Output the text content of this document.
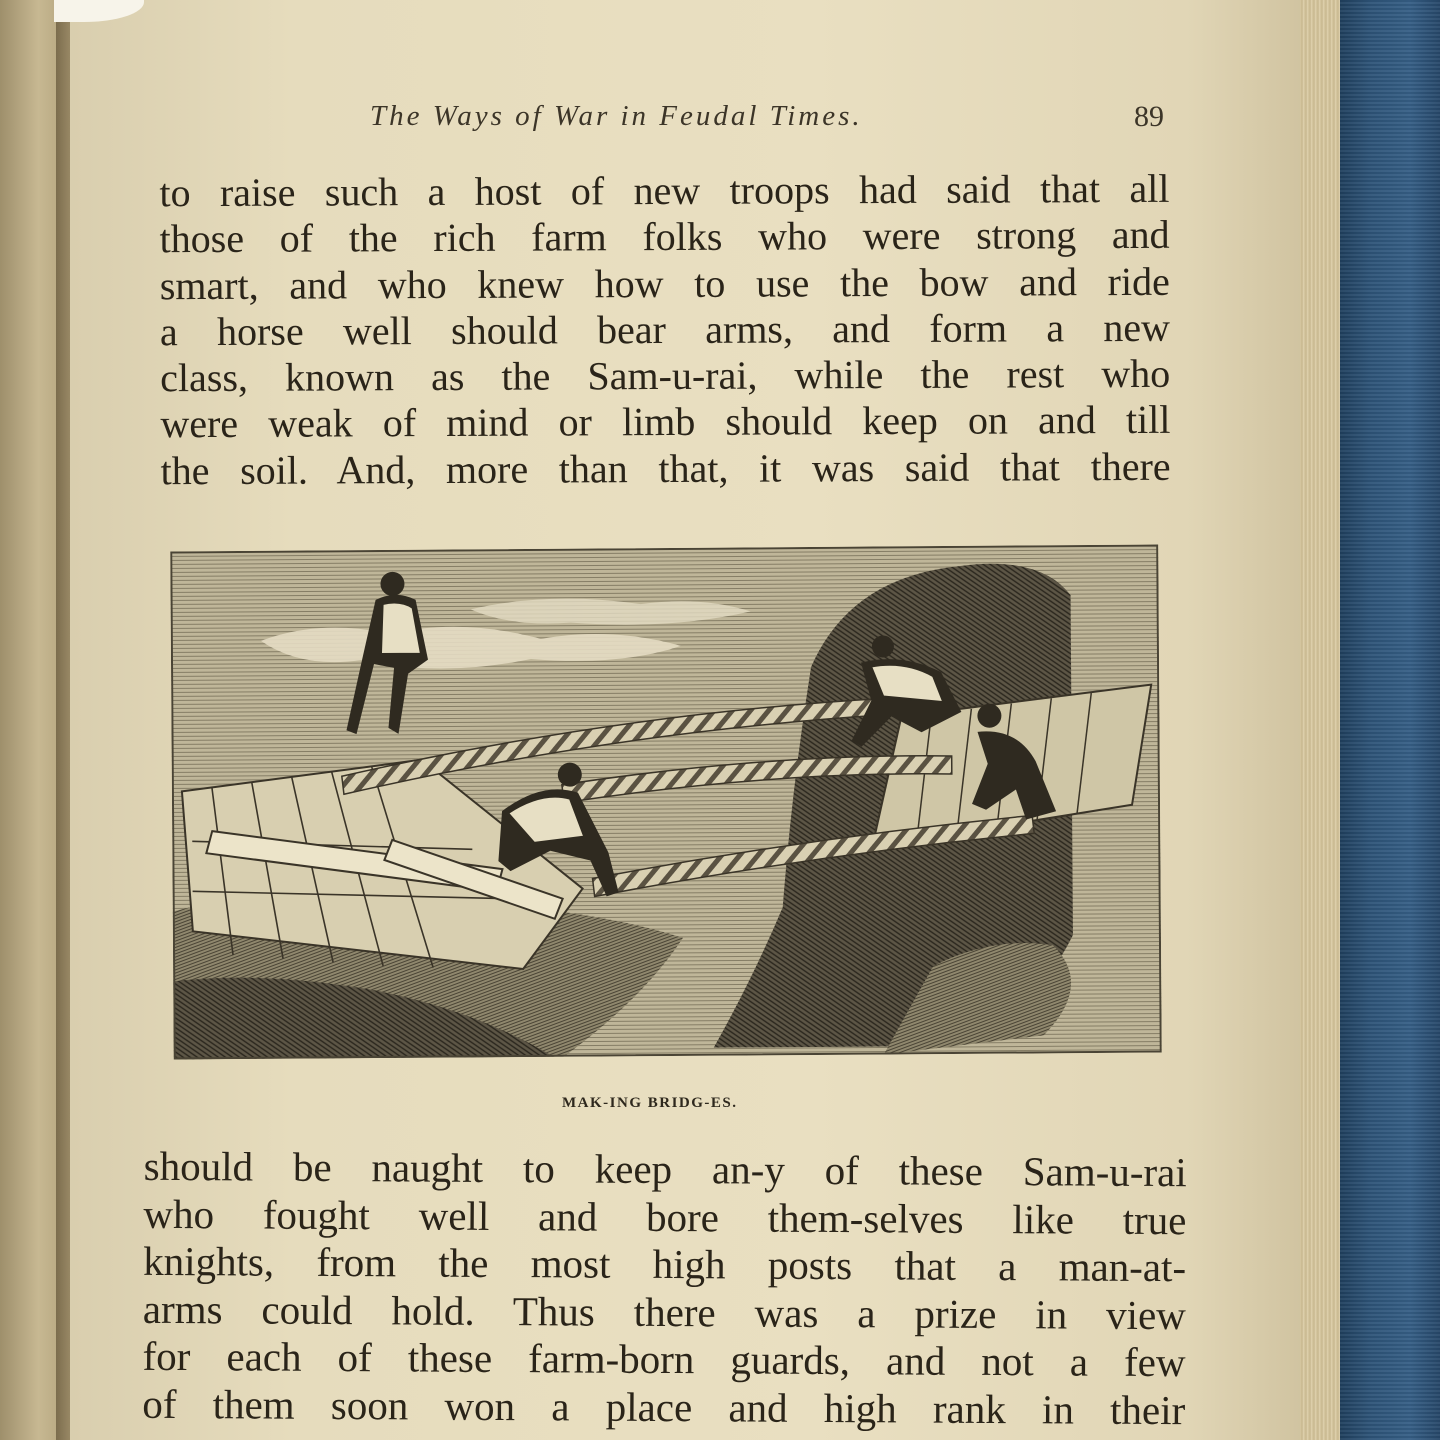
The Ways of War in Feudal Times.	89
to raise such a host of new troops had said that all
those of the rich farm folks who were strong and
smart, and who knew how to use the bow and ride
a horse well should bear arms, and form a new
class, known as the Sam-u-rai, while the rest who
were weak of mind or limb should keep on and till
the soil. And, more than that, it was said that there
MAK-ING BRIDG-ES.
should be naught to keep an-y of these Sam-u-rai
who fought well and bore them-selves like true
knights, from the most high posts that a man-at-
arms could hold. Thus there was a prize in view
for each of these farm-born guards, and not a few
of them soon won a place and high rank in their
